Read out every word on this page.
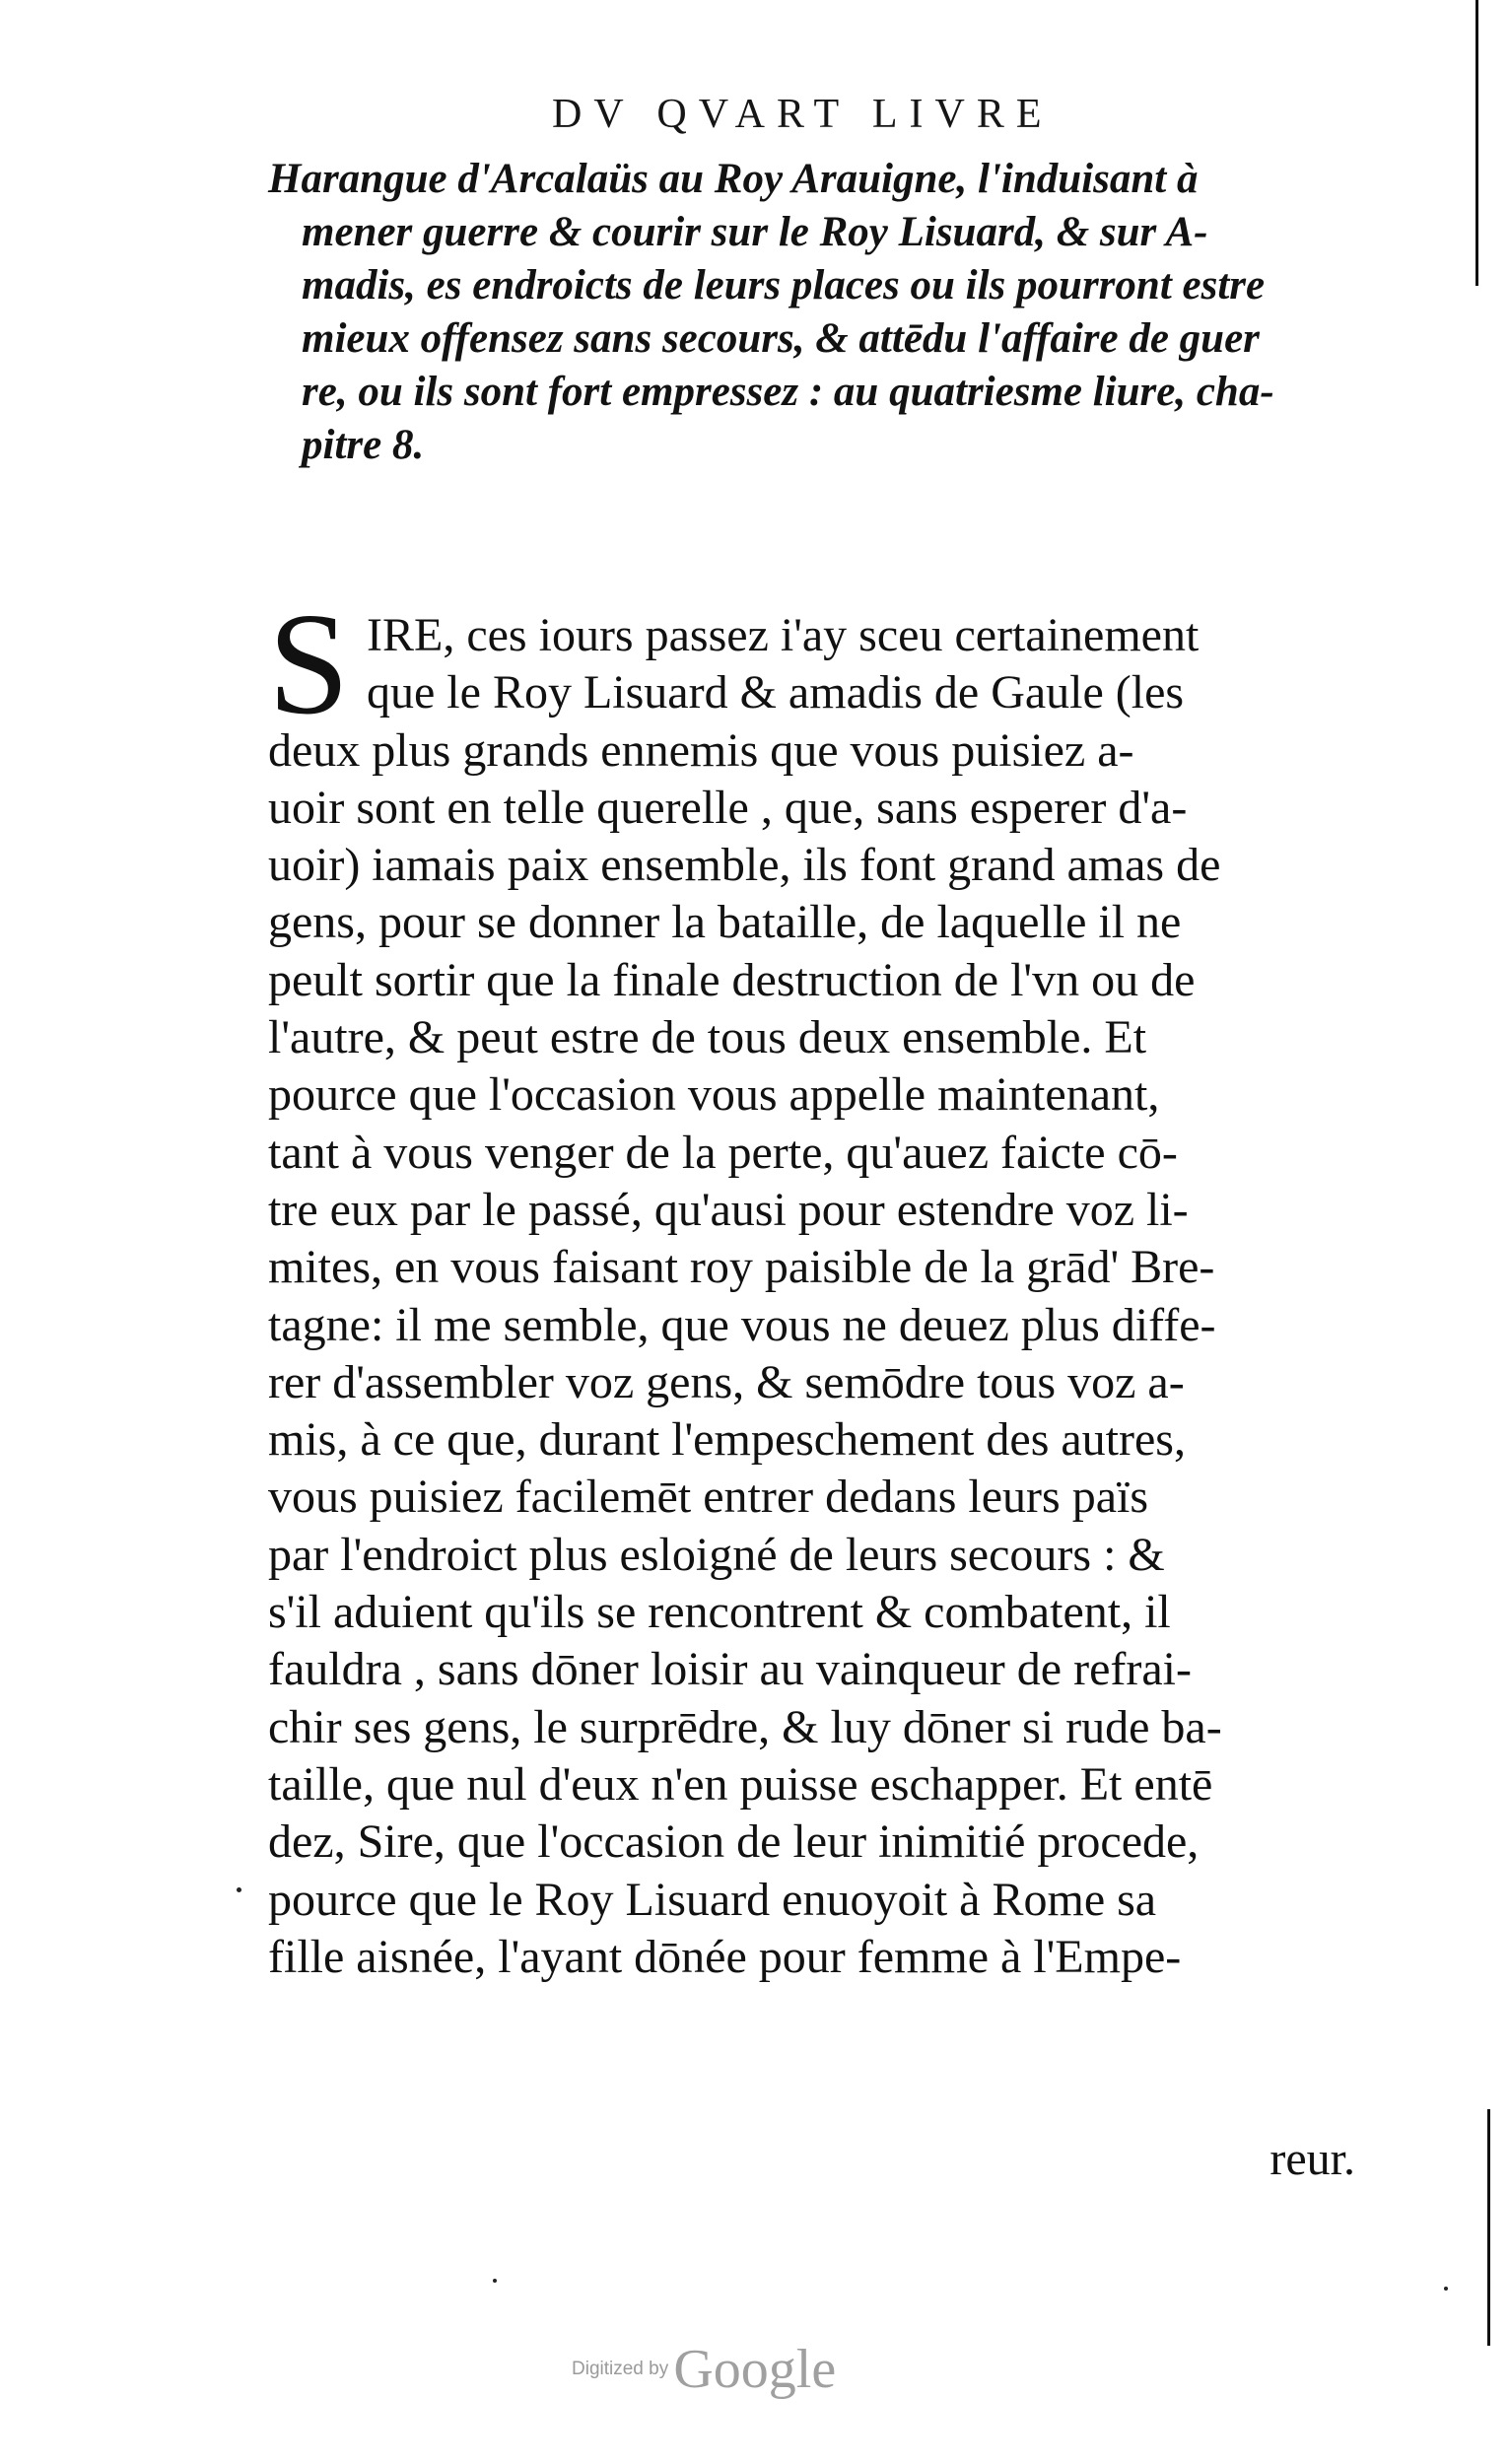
DV QVART LIVRE
Harangue d'Arcalaüs au Roy Arauigne, l'induisant à
mener guerre & courir sur le Roy Lisuard, & sur A-
madis, es endroicts de leurs places ou ils pourront estre
mieux offensez sans secours, & attēdu l'affaire de guer
re, ou ils sont fort empressez : au quatriesme liure, cha-
pitre 8.
S IRE, ces iours passez i'ay sceu certainement
que le Roy Lisuard & amadis de Gaule (les
deux plus grands ennemis que vous puisiez a-
uoir sont en telle querelle , que, sans esperer d'a-
uoir) iamais paix ensemble, ils font grand amas de
gens, pour se donner la bataille, de laquelle il ne
peult sortir que la finale destruction de l'vn ou de
l'autre, & peut estre de tous deux ensemble. Et
pource que l'occasion vous appelle maintenant,
tant à vous venger de la perte, qu'auez faicte cō-
tre eux par le passé, qu'ausi pour estendre voz li-
mites, en vous faisant roy paisible de la grād' Bre-
tagne: il me semble, que vous ne deuez plus diffe-
rer d'assembler voz gens, & semōdre tous voz a-
mis, à ce que, durant l'empeschement des autres,
vous puisiez facilemēt entrer dedans leurs païs
par l'endroict plus esloigné de leurs secours : &
s'il aduient qu'ils se rencontrent & combatent, il
fauldra , sans dōner loisir au vainqueur de refrai-
chir ses gens, le surprēdre, & luy dōner si rude ba-
taille, que nul d'eux n'en puisse eschapper. Et entē
dez, Sire, que l'occasion de leur inimitié procede,
pource que le Roy Lisuard enuoyoit à Rome sa
fille aisnée, l'ayant dōnée pour femme à l'Empe-
reur.
Digitized by Google
